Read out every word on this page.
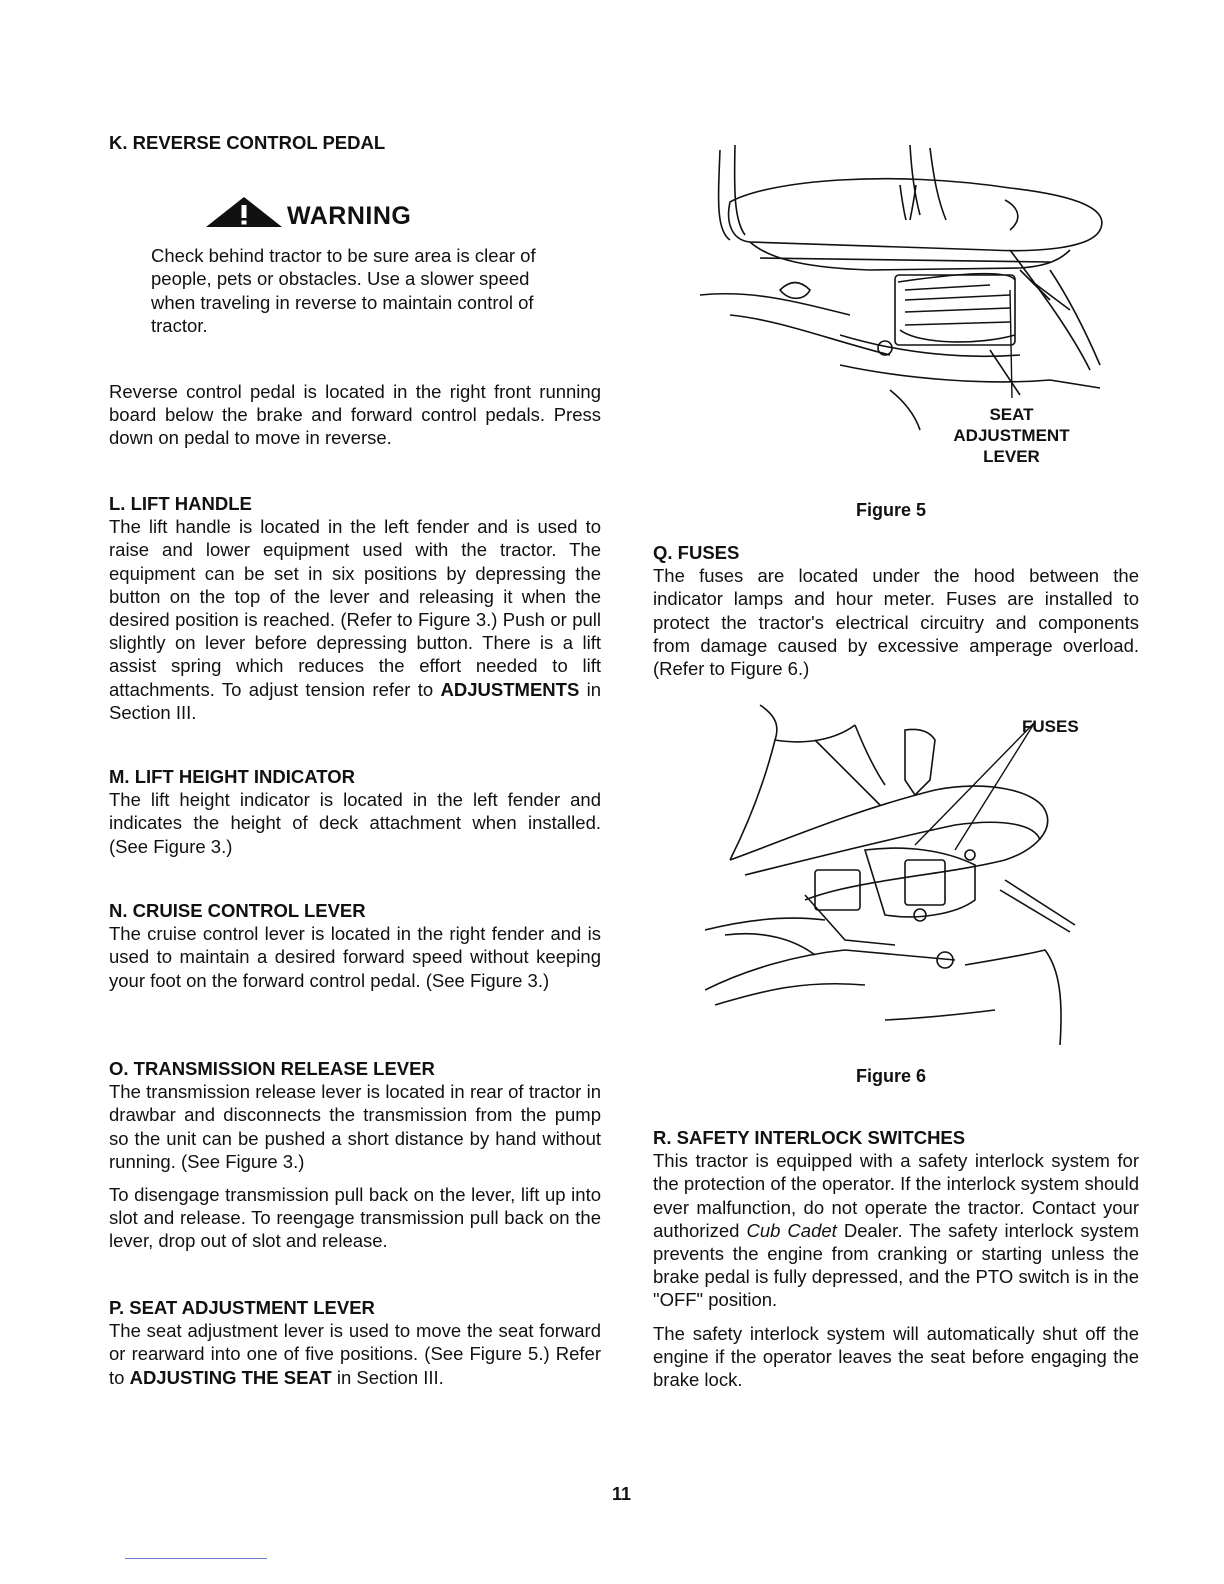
K. REVERSE CONTROL PEDAL

WARNING
Check behind tractor to be sure area is clear of people, pets or obstacles. Use a slower speed when traveling in reverse to maintain control of tractor.

Reverse control pedal is located in the right front running board below the brake and forward control pedals. Press down on pedal to move in reverse.

L. LIFT HANDLE

The lift handle is located in the left fender and is used to raise and lower equipment used with the tractor. The equipment can be set in six positions by depressing the button on the top of the lever and releasing it when the desired position is reached. (Refer to Figure 3.) Push or pull slightly on lever before depressing button. There is a lift assist spring which reduces the effort needed to lift attachments. To adjust tension refer to ADJUSTMENTS in Section III.

M. LIFT HEIGHT INDICATOR

The lift height indicator is located in the left fender and indicates the height of deck attachment when installed. (See Figure 3.)

N. CRUISE CONTROL LEVER

The cruise control lever is located in the right fender and is used to maintain a desired forward speed without keeping your foot on the forward control pedal. (See Figure 3.)

O. TRANSMISSION RELEASE LEVER

The transmission release lever is located in rear of tractor in drawbar and disconnects the transmission from the pump so the unit can be pushed a short distance by hand without running. (See Figure 3.)

To disengage transmission pull back on the lever, lift up into slot and release. To reengage transmission pull back on the lever, drop out of slot and release.

P. SEAT ADJUSTMENT LEVER

The seat adjustment lever is used to move the seat forward or rearward into one of five positions. (See Figure 5.) Refer to ADJUSTING THE SEAT in Section III.

SEAT
ADJUSTMENT
LEVER
Figure 5

Q. FUSES

The fuses are located under the hood between the indicator lamps and hour meter. Fuses are installed to protect the tractor's electrical circuitry and components from damage caused by excessive amperage overload. (Refer to Figure 6.)

FUSES
Figure 6

R. SAFETY INTERLOCK SWITCHES

This tractor is equipped with a safety interlock system for the protection of the operator. If the interlock system should ever malfunction, do not operate the tractor. Contact your authorized Cub Cadet Dealer. The safety interlock system prevents the engine from cranking or starting unless the brake pedal is fully depressed, and the PTO switch is in the "OFF" position.

The safety interlock system will automatically shut off the engine if the operator leaves the seat before engaging the brake lock.

11
